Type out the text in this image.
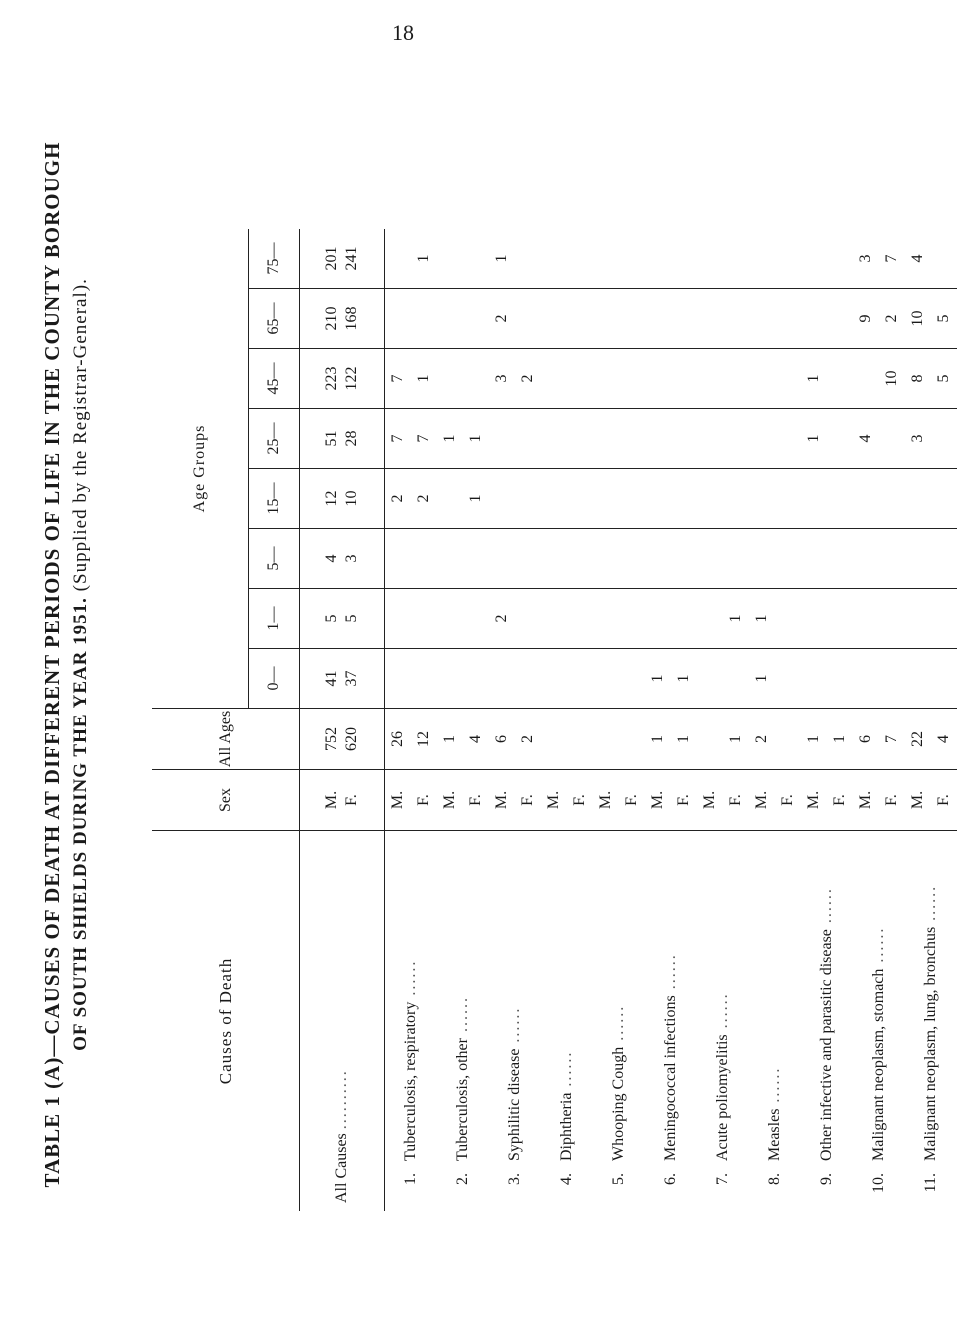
18
TABLE 1 (A)—CAUSES OF DEATH AT DIFFERENT PERIODS OF LIFE IN THE COUNTY BOROUGH OF SOUTH SHIELDS DURING THE YEAR 1951. (Supplied by the Registrar-General).
Causes of Death	Sex	All Ages	Age Groups							
			0—	1—	5—	15—	25—	45—	65—	75—
All Causes ..........	M. F.	752 620	41 37	5 5	4 3	12 10	51 28	223 122	210 168	201 241

1.Tuberculosis, respiratory ......	M.	26				2	7	7		
	F.	12				2	7	1		1
2.Tuberculosis, other ......	M.	1					1			
	F.	4				1	1			
3.Syphilitic disease ......	M.	6		2				3	2	1
	F.	2						2		
4.Diphtheria ......	M.									
	F.									
5.Whooping Cough ......	M.									
	F.									
6.Meningococcal infections ......	M.	1	1							
	F.	1	1							
7.Acute poliomyelitis ......	M.									
	F.	1		1						
8.Measles ......	M.	2	1	1						
	F.									
9.Other infective and parasitic disease ......	M.	1					1	1		
	F.	1								
10.Malignant neoplasm, stomach ......	M.	6					4		9	3
	F.	7						10	2	7
11.Malignant neoplasm, lung, bronchus ......	M.	22					3	8	10	4
	F.	4						5	5	
